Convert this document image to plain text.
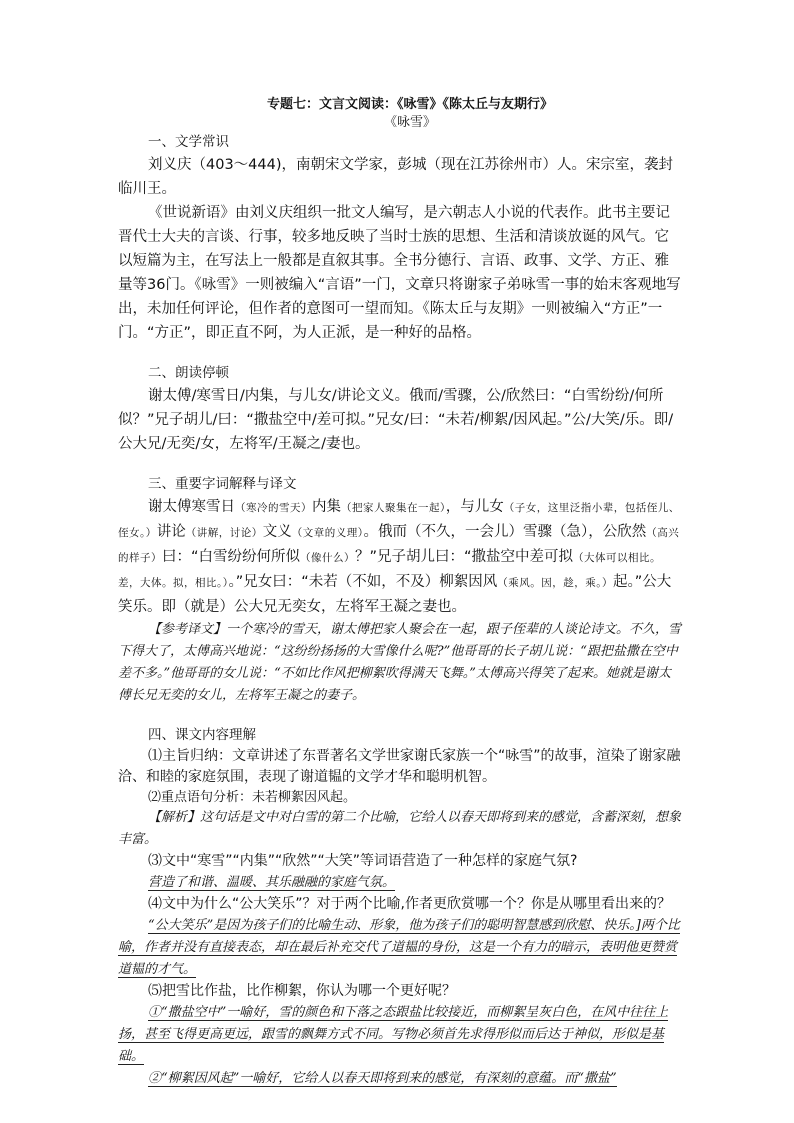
专题七：文言文阅读：《咏雪》《陈太丘与友期行》
《咏雪》
一、文学常识

刘义庆（403～444)，南朝宋文学家，彭城（现在江苏徐州市）人。宋宗室，袭封临川王。

《世说新语》由刘义庆组织一批文人编写，是六朝志人小说的代表作。此书主要记晋代士大夫的言谈、行事，较多地反映了当时士族的思想、生活和清谈放诞的风气。它以短篇为主，在写法上一般都是直叙其事。全书分德行、言语、政事、文学、方正、雅量等36门。《咏雪》一则被编入“言语”一门，文章只将谢家子弟咏雪一事的始末客观地写出，未加任何评论，但作者的意图可一望而知。《陈太丘与友期》一则被编入“方正”一门。“方正”，即正直不阿，为人正派，是一种好的品格。

二、朗读停顿

谢太傅/寒雪日/内集，与儿女/讲论文义。俄而/雪骤，公/欣然曰：“白雪纷纷/何所似？”兄子胡儿/曰：“撒盐空中/差可拟。”兄女/曰：“未若/柳絮/因风起。”公/大笑/乐。即/公大兄/无奕/女，左将军/王凝之/妻也。

三、重要字词解释与译文

谢太傅寒雪日（寒冷的雪天）内集（把家人聚集在一起），与儿女（子女，这里泛指小辈，包括侄儿、侄女。）讲论（讲解，讨论）文义（文章的义理）。俄而（不久，一会儿）雪骤（急），公欣然（高兴的样子）曰：“白雪纷纷何所似（像什么）？”兄子胡儿曰：“撒盐空中差可拟（大体可以相比。差，大体。拟，相比。）。”兄女曰：“未若（不如，不及）柳絮因风（乘风。因，趁，乘。）起。”公大笑乐。即（就是）公大兄无奕女，左将军王凝之妻也。

【参考译文】一个寒冷的雪天，谢太傅把家人聚会在一起，跟子侄辈的人谈论诗文。不久，雪下得大了，太傅高兴地说：“这纷纷扬扬的大雪像什么呢?”他哥哥的长子胡儿说：“跟把盐撒在空中差不多。”他哥哥的女儿说：“不如比作风把柳絮吹得满天飞舞。”太傅高兴得笑了起来。她就是谢太傅长兄无奕的女儿，左将军王凝之的妻子。

四、课文内容理解

⑴主旨归纳：文章讲述了东晋著名文学世家谢氏家族一个“咏雪”的故事，渲染了谢家融洽、和睦的家庭氛围，表现了谢道韫的文学才华和聪明机智。

⑵重点语句分析：未若柳絮因风起。

【解析】这句话是文中对白雪的第二个比喻，它给人以春天即将到来的感觉，含蓄深刻，想象丰富。

⑶文中“寒雪”“内集”“欣然”“大笑”等词语营造了一种怎样的家庭气氛?

营造了和谐、温暖、其乐融融的家庭气氛。

⑷文中为什么“公大笑乐”？对于两个比喻,作者更欣赏哪一个？你是从哪里看出来的？

“公大笑乐”是因为孩子们的比喻生动、形象，他为孩子们的聪明智慧感到欣慰、快乐。]两个比喻，作者并没有直接表态，却在最后补充交代了道韫的身份，这是一个有力的暗示，表明他更赞赏道韫的才气。

⑸把雪比作盐，比作柳絮，你认为哪一个更好呢？

①“撒盐空中”一喻好，雪的颜色和下落之态跟盐比较接近，而柳絮呈灰白色，在风中往往上扬，甚至飞得更高更远，跟雪的飘舞方式不同。写物必须首先求得形似而后达于神似，形似是基础。

②“柳絮因风起”一喻好，它给人以春天即将到来的感觉，有深刻的意蕴。而“撒盐”
